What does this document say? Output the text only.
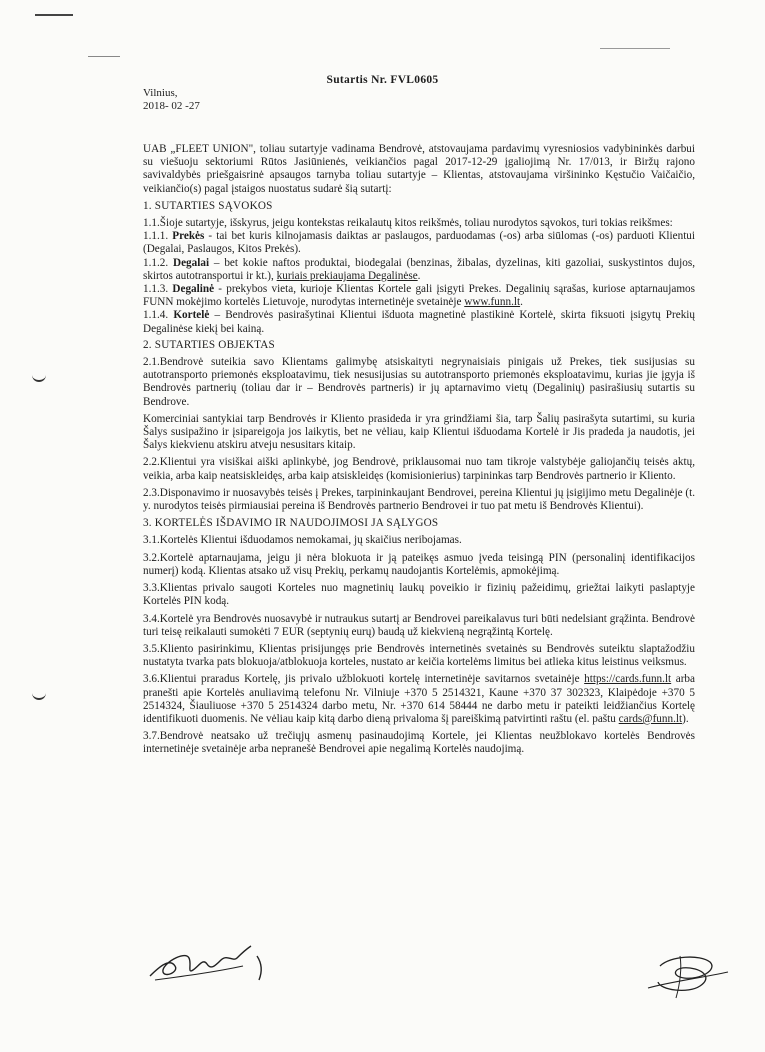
Sutartis Nr. FVL0605
Vilnius,
2018- 02 -27

UAB „FLEET UNION", toliau sutartyje vadinama Bendrovė, atstovaujama pardavimų vyresniosios vadybininkės darbui su viešuoju sektoriumi Rūtos Jasiūnienės, veikiančios pagal 2017-12-29 įgaliojimą Nr. 17/013, ir Biržų rajono savivaldybės priešgaisrinė apsaugos tarnyba toliau sutartyje – Klientas, atstovaujama viršininko Kęstučio Vaičaičio, veikiančio(s) pagal įstaigos nuostatus sudarė šią sutartį:

1. SUTARTIES SĄVOKOS

1.1.Šioje sutartyje, išskyrus, jeigu kontekstas reikalautų kitos reikšmės, toliau nurodytos sąvokos, turi tokias reikšmes:

1.1.1. Prekės - tai bet kuris kilnojamasis daiktas ar paslaugos, parduodamas (-os) arba siūlomas (-os) parduoti Klientui (Degalai, Paslaugos, Kitos Prekės).

1.1.2. Degalai – bet kokie naftos produktai, biodegalai (benzinas, žibalas, dyzelinas, kiti gazoliai, suskystintos dujos, skirtos autotransportui ir kt.), kuriais prekiaujama Degalinėse.

1.1.3. Degalinė - prekybos vieta, kurioje Klientas Kortele gali įsigyti Prekes. Degalinių sąrašas, kuriose aptarnaujamos FUNN mokėjimo kortelės Lietuvoje, nurodytas internetinėje svetainėje www.funn.lt.

1.1.4. Kortelė – Bendrovės pasirašytinai Klientui išduota magnetinė plastikinė Kortelė, skirta fiksuoti įsigytų Prekių Degalinėse kiekį bei kainą.

2. SUTARTIES OBJEKTAS

2.1.Bendrovė suteikia savo Klientams galimybę atsiskaityti negrynaisiais pinigais už Prekes, tiek susijusias su autotransporto priemonės eksploatavimu, tiek nesusijusias su autotransporto priemonės eksploatavimu, kurias jie įgyja iš Bendrovės partnerių (toliau dar ir – Bendrovės partneris) ir jų aptarnavimo vietų (Degalinių) pasirašiusių sutartis su Bendrove.

Komerciniai santykiai tarp Bendrovės ir Kliento prasideda ir yra grindžiami šia, tarp Šalių pasirašyta sutartimi, su kuria Šalys susipažino ir įsipareigoja jos laikytis, bet ne vėliau, kaip Klientui išduodama Kortelė ir Jis pradeda ja naudotis, jei Šalys kiekvienu atskiru atveju nesusitars kitaip.

2.2.Klientui yra visiškai aiški aplinkybė, jog Bendrovė, priklausomai nuo tam tikroje valstybėje galiojančių teisės aktų, veikia, arba kaip neatsiskleidęs, arba kaip atsiskleidęs (komisionierius) tarpininkas tarp Bendrovės partnerio ir Kliento.

2.3.Disponavimo ir nuosavybės teisės į Prekes, tarpininkaujant Bendrovei, pereina Klientui jų įsigijimo metu Degalinėje (t. y. nurodytos teisės pirmiausiai pereina iš Bendrovės partnerio Bendrovei ir tuo pat metu iš Bendrovės Klientui).

3. KORTELĖS IŠDAVIMO IR NAUDOJIMOSI JA SĄLYGOS

3.1.Kortelės Klientui išduodamos nemokamai, jų skaičius neribojamas.

3.2.Kortelė aptarnaujama, jeigu ji nėra blokuota ir ją pateikęs asmuo įveda teisingą PIN (personalinį identifikacijos numerį) kodą. Klientas atsako už visų Prekių, perkamų naudojantis Kortelėmis, apmokėjimą.

3.3.Klientas privalo saugoti Korteles nuo magnetinių laukų poveikio ir fizinių pažeidimų, griežtai laikyti paslaptyje Kortelės PIN kodą.

3.4.Kortelė yra Bendrovės nuosavybė ir nutraukus sutartį ar Bendrovei pareikalavus turi būti nedelsiant grąžinta. Bendrovė turi teisę reikalauti sumokėti 7 EUR (septynių eurų) baudą už kiekvieną negrąžintą Kortelę.

3.5.Kliento pasirinkimu, Klientas prisijungęs prie Bendrovės internetinės svetainės su Bendrovės suteiktu slaptažodžiu nustatyta tvarka pats blokuoja/atblokuoja korteles, nustato ar keičia kortelėms limitus bei atlieka kitus leistinus veiksmus.

3.6.Klientui praradus Kortelę, jis privalo užblokuoti kortelę internetinėje savitarnos svetainėje https://cards.funn.lt arba pranešti apie Kortelės anuliavimą telefonu Nr. Vilniuje +370 5 2514321, Kaune +370 37 302323, Klaipėdoje +370 5 2514324, Šiauliuose +370 5 2514324 darbo metu, Nr. +370 614 58444 ne darbo metu ir pateikti leidžiančius Kortelę identifikuoti duomenis. Ne vėliau kaip kitą darbo dieną privaloma šį pareiškimą patvirtinti raštu (el. paštu cards@funn.lt).

3.7.Bendrovė neatsako už trečiųjų asmenų pasinaudojimą Kortele, jei Klientas neužblokavo kortelės Bendrovės internetinėje svetainėje arba nepranešė Bendrovei apie negalimą Kortelės naudojimą.
